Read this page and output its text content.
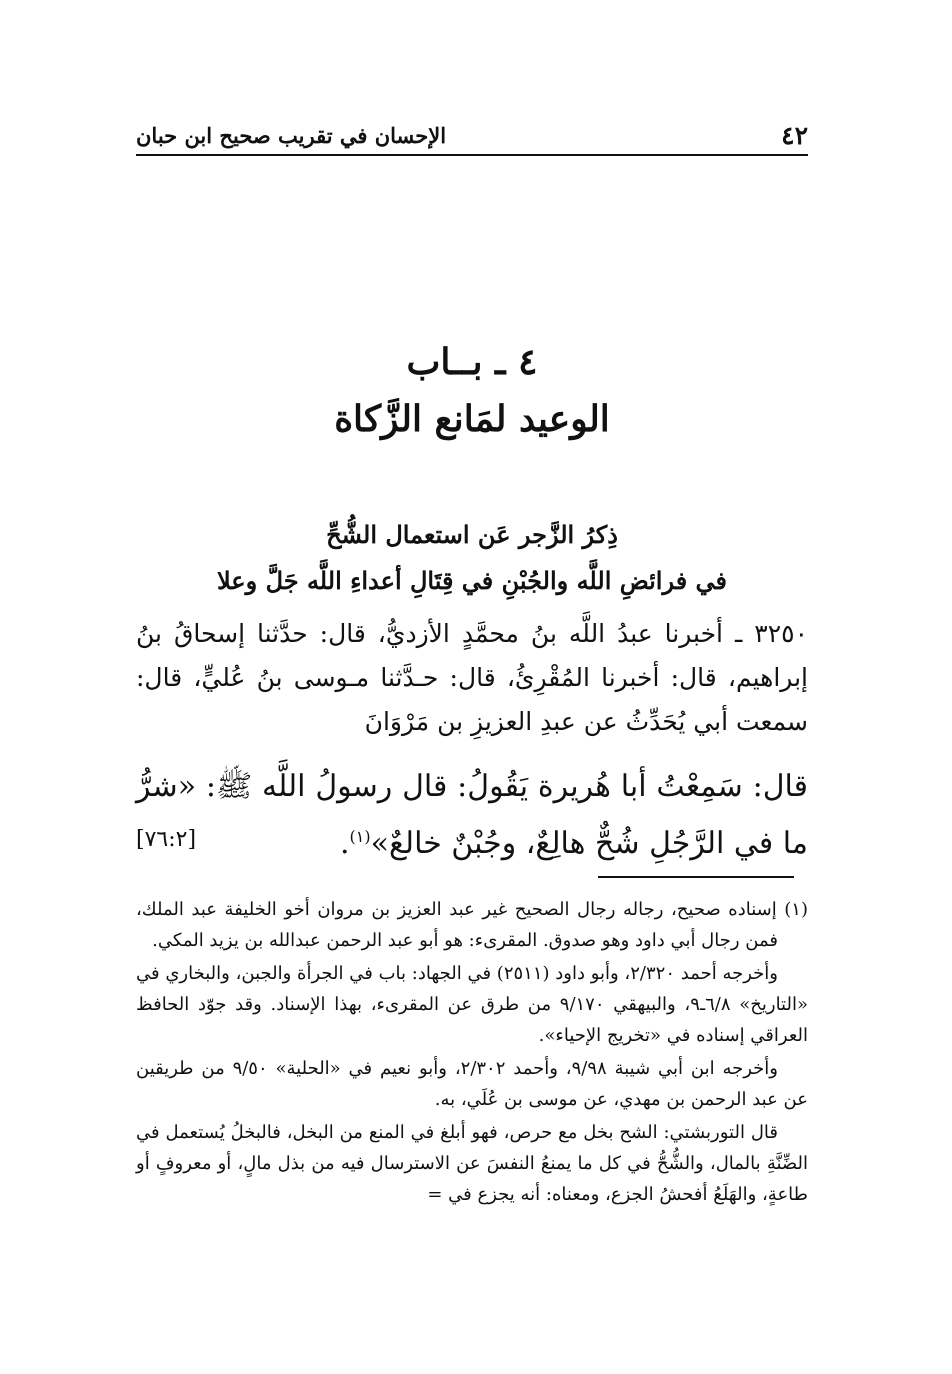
٤٢
الإحسان في تقريب صحيح ابن حبان
٤ ـ بــاب
الوعيد لمَانع الزَّكاة
ذِكرُ الزَّجر عَن استعمال الشُّحِّ
في فرائضِ اللَّه والجُبْنِ في قِتَالِ أعداءِ اللَّه جَلَّ وعلا

٣٢٥٠ ـ أخبرنا عبدُ اللَّه بنُ محمَّدٍ الأزديُّ، قال: حدَّثنا إسحاقُ بنُ إبراهيم، قال: أخبرنا المُقْرِئُ، قال: حـدَّثنا مـوسى بنُ عُليٍّ، قال: سمعت أبي يُحَدِّثُ عن عبدِ العزيزِ بن مَرْوَانَ

قال: سَمِعْتُ أبا هُريرة يَقُولُ: قال رسولُ اللَّه ﷺ: «شرُّ ما في الرَّجُلِ شُحٌّ هالِعٌ، وجُبْنٌ خالعٌ»$^{(١)}$.

[٧٦:٢]

(١) إسناده صحيح، رجاله رجال الصحيح غير عبد العزيز بن مروان أخو الخليفة عبد الملك، فمن رجال أبي داود وهو صدوق. المقرىء: هو أبو عبد الرحمن عبدالله بن يزيد المكي.

وأخرجه أحمد ٢/٣٢٠، وأبو داود (٢٥١١) في الجهاد: باب في الجرأة والجبن، والبخاري في «التاريخ» ٦/٨ـ٩، والبيهقي ٩/١٧٠ من طرق عن المقرىء، بهذا الإسناد. وقد جوّد الحافظ العراقي إسناده في «تخريج الإحياء».

وأخرجه ابن أبي شيبة ٩/٩٨، وأحمد ٢/٣٠٢، وأبو نعيم في «الحلية» ٩/٥٠ من طريقين عن عبد الرحمن بن مهدي، عن موسى بن عُلَي، به.

قال التوربشتي: الشح بخل مع حرص، فهو أبلغ في المنع من البخل، فالبخلُ يُستعمل في الضِّنَّةِ بالمال، والشُّحُّ في كل ما يمنعُ النفسَ عن الاسترسال فيه من بذل مالٍ، أو معروفٍ أو طاعةٍ، والهَلَعُ أفحشُ الجزع، ومعناه: أنه يجزع في =
